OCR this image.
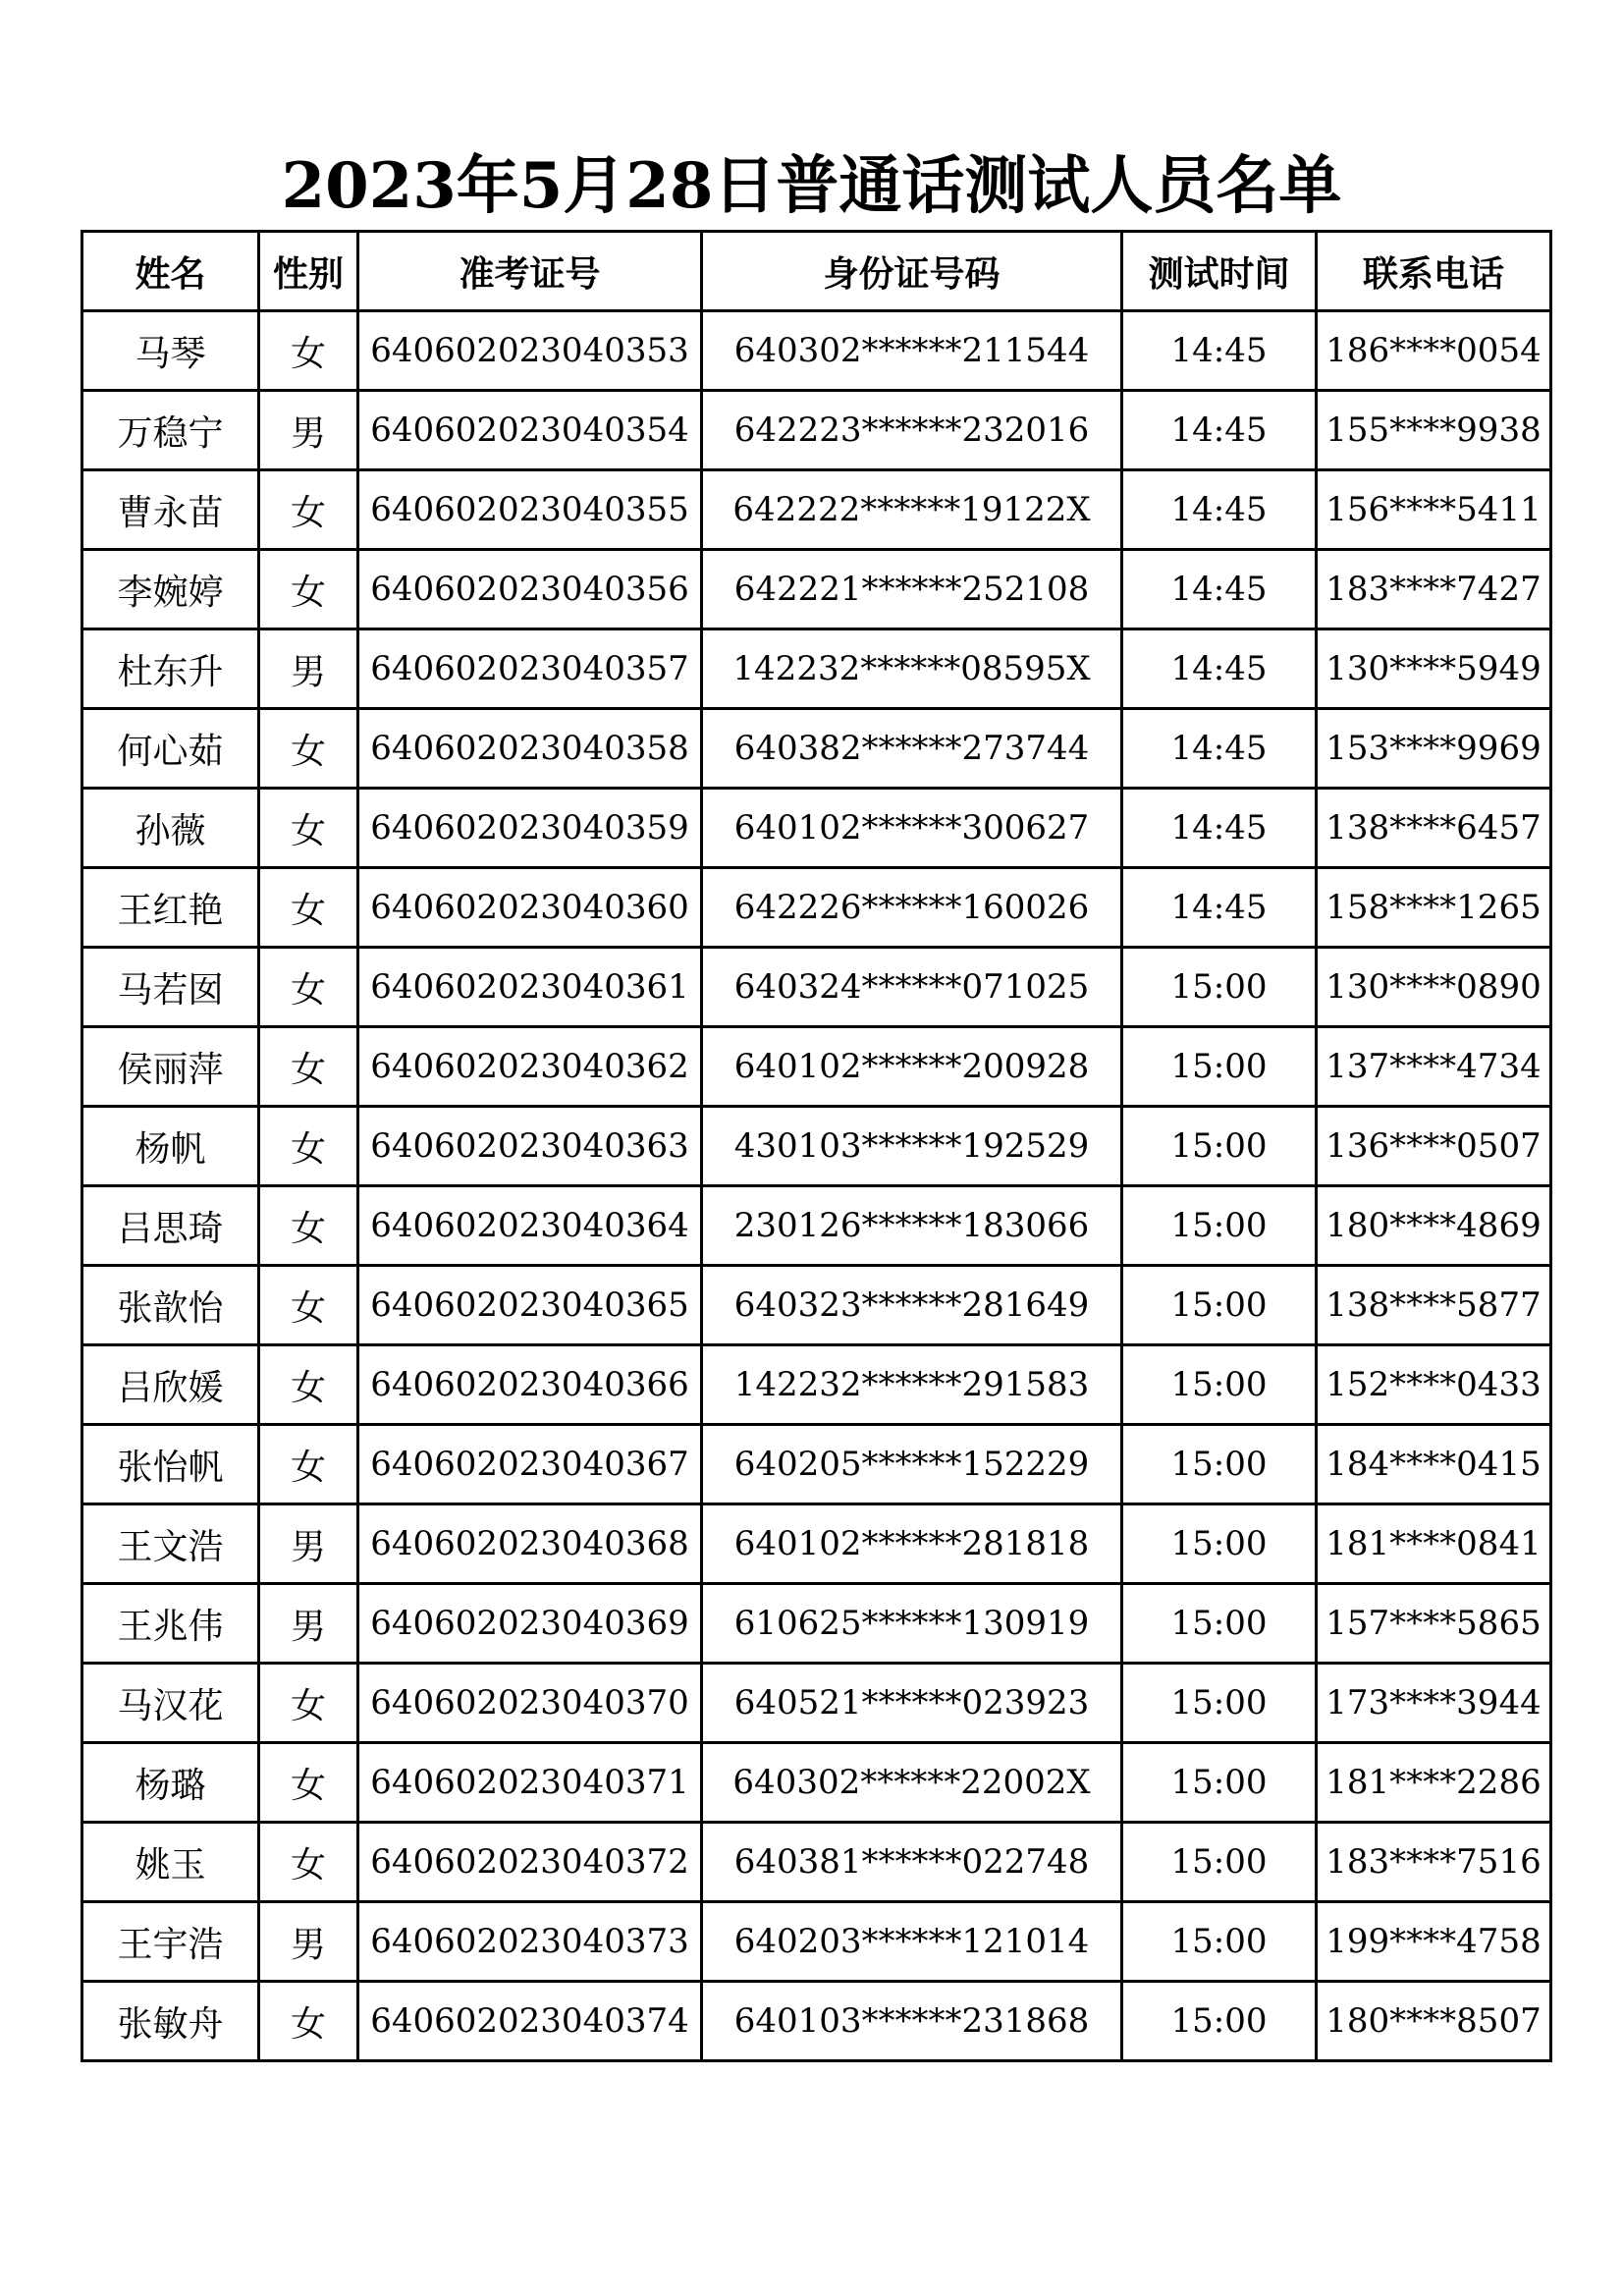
2023年5月28日普通话测试人员名单
姓名	性别	准考证号	身份证号码	测试时间	联系电话
马琴	女	640602023040353	640302******211544	14:45	186****0054
万稳宁	男	640602023040354	642223******232016	14:45	155****9938
曹永苗	女	640602023040355	642222******19122X	14:45	156****5411
李婉婷	女	640602023040356	642221******252108	14:45	183****7427
杜东升	男	640602023040357	142232******08595X	14:45	130****5949
何心茹	女	640602023040358	640382******273744	14:45	153****9969
孙薇	女	640602023040359	640102******300627	14:45	138****6457
王红艳	女	640602023040360	642226******160026	14:45	158****1265
马若囡	女	640602023040361	640324******071025	15:00	130****0890
侯丽萍	女	640602023040362	640102******200928	15:00	137****4734
杨帆	女	640602023040363	430103******192529	15:00	136****0507
吕思琦	女	640602023040364	230126******183066	15:00	180****4869
张歆怡	女	640602023040365	640323******281649	15:00	138****5877
吕欣媛	女	640602023040366	142232******291583	15:00	152****0433
张怡帆	女	640602023040367	640205******152229	15:00	184****0415
王文浩	男	640602023040368	640102******281818	15:00	181****0841
王兆伟	男	640602023040369	610625******130919	15:00	157****5865
马汉花	女	640602023040370	640521******023923	15:00	173****3944
杨璐	女	640602023040371	640302******22002X	15:00	181****2286
姚玉	女	640602023040372	640381******022748	15:00	183****7516
王宇浩	男	640602023040373	640203******121014	15:00	199****4758
张敏舟	女	640602023040374	640103******231868	15:00	180****8507
